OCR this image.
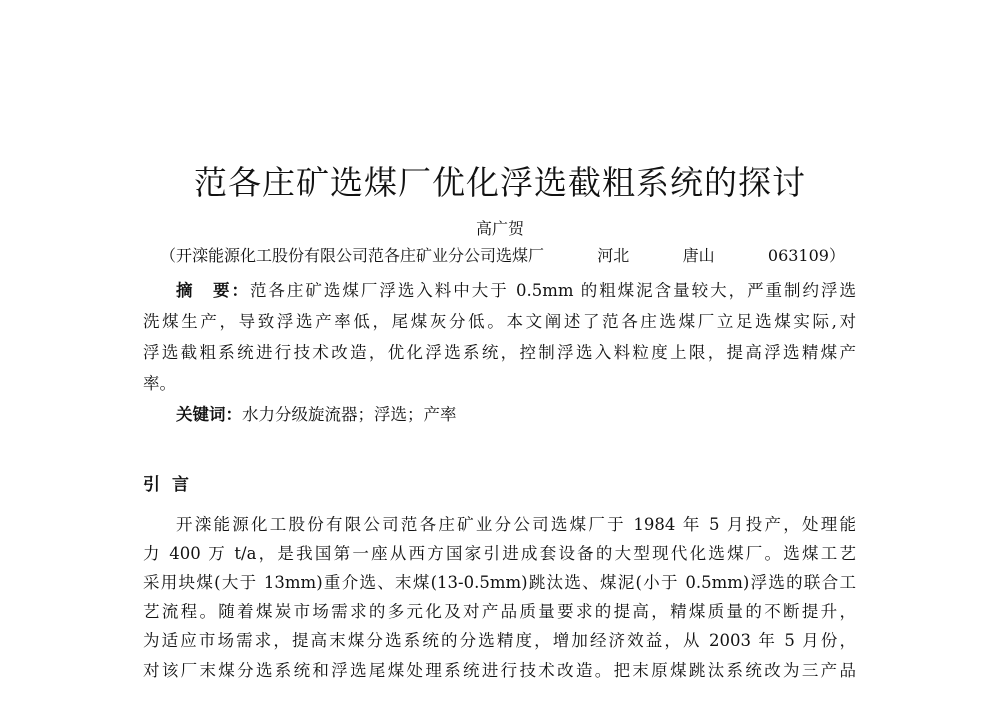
范各庄矿选煤厂优化浮选截粗系统的探讨
高广贺
（开滦能源化工股份有限公司范各庄矿业分公司选煤厂	河北	唐山	063109）
摘　要：范各庄矿选煤厂浮选入料中大于 0.5mm 的粗煤泥含量较大，严重制约浮选
洗煤生产，导致浮选产率低，尾煤灰分低。本文阐述了范各庄选煤厂立足选煤实际,对
浮选截粗系统进行技术改造，优化浮选系统，控制浮选入料粒度上限，提高浮选精煤产
率。
关键词：水力分级旋流器；浮选；产率
引言
开滦能源化工股份有限公司范各庄矿业分公司选煤厂于 1984 年 5 月投产，处理能
力 400 万 t/a，是我国第一座从西方国家引进成套设备的大型现代化选煤厂。选煤工艺
采用块煤(大于 13mm)重介选、末煤(13-0.5mm)跳汰选、煤泥(小于 0.5mm)浮选的联合工
艺流程。随着煤炭市场需求的多元化及对产品质量要求的提高，精煤质量的不断提升，
为适应市场需求，提高末煤分选系统的分选精度，增加经济效益，从 2003 年 5 月份，
对该厂末煤分选系统和浮选尾煤处理系统进行技术改造。把末原煤跳汰系统改为三产品
